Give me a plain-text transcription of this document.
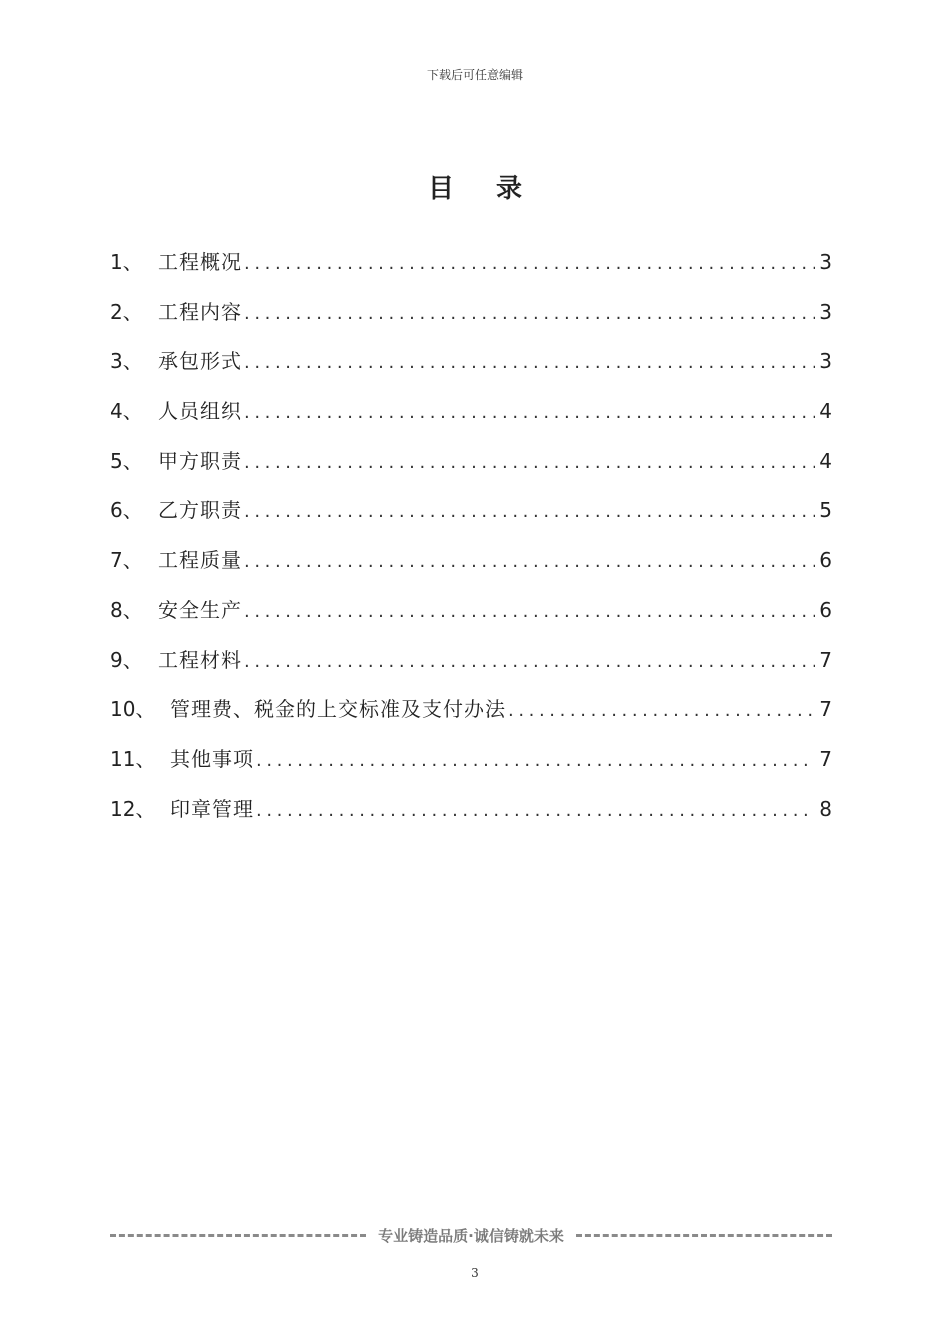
下载后可任意编辑
目录
1、 工程概况 .....	3
2、 工程内容 .....	3
3、 承包形式 .....	3
4、 人员组织 .....	4
5、 甲方职责 .....	4
6、 乙方职责 .....	5
7、 工程质量 .....	6
8、 安全生产 .....	6
9、 工程材料 .....	7
10、 管理费、税金的上交标准及支付办法 .....	7
11、 其他事项 .....	7
12、 印章管理 .....	8
专业铸造品质·诚信铸就未来
3
